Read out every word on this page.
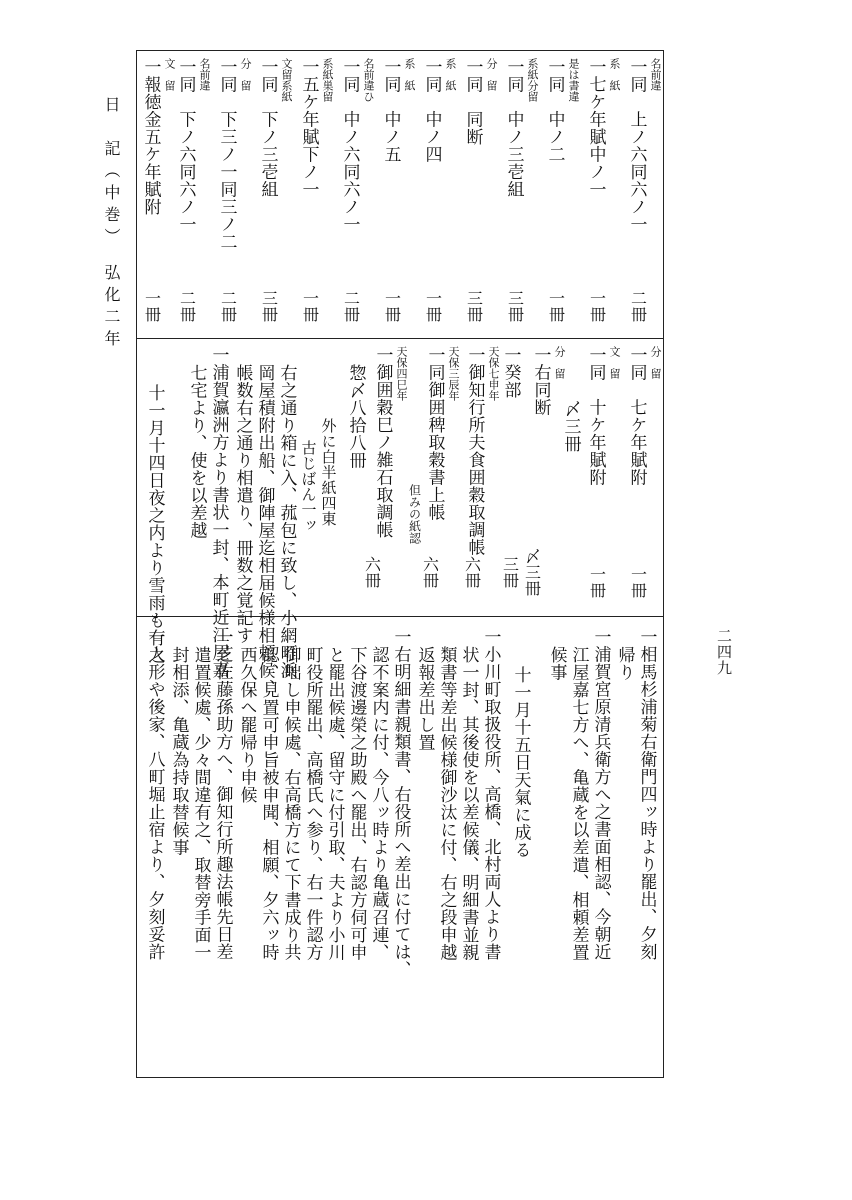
日　記（中巻）　弘化二年
二四九
名前違
一同　上ノ六同六ノ一
二冊
系　紙
一七ケ年賦中ノ一
一冊
是は書違
一同　中ノ二
一冊
系紙分留
一同　中ノ三壱組
三冊
分　留
一同　同断
三冊
系　紙
一同　中ノ四
一冊
系　紙
一同　中ノ五
一冊
名前違ひ
一同　中ノ六同六ノ一
二冊
系紙巣留
一五ケ年賦下ノ一
一冊
文留系紙
一同　下ノ三壱組
三冊
分　留
一同　下三ノ一同三ノ二
二冊
名前違
一同　下ノ六同六ノ一
二冊
文　留
一報徳金五ケ年賦附
一冊
分　留
一同　七ケ年賦附
一冊
文　留
一同　十ケ年賦附
一冊
〆三冊
分　留
一右同断
〆三冊
一癸部
三冊
天保七申年
一御知行所夫食囲穀取調帳
六冊
天保三辰年
一同御囲稗取穀書上帳
但みの紙認
六冊
天保四巳年
一御囲穀巳ノ雑石取調帳
六冊
惣〆八拾八冊
外に白半紙四東
古じばん一ッ
右之通り箱に入、菰包に致し、小網町浜
岡屋積附出船、御陣屋迄相届候様相頼候、
帳数右之通り相遣り、冊数之覚記す
一浦賀瀛洲方より書状一封、本町近江屋嘉
七宅より、使を以差越
十一月十四日夜之内より雪雨も有之
一相馬杉浦菊右衛門四ッ時より罷出、夕刻
帰り
一浦賀宮原清兵衛方へ之書面相認、今朝近
江屋嘉七方へ、亀蔵を以差遣、相頼差置
候事
十一月十五日天氣に成る
一小川町取扱役所、高橋、北村両人より書
状一封、其後使を以差候儀、明細書並親
類書等差出候様御沙汰に付、右之段申越
返報差出し置
一右明細書親類書、右役所へ差出に付ては、
認不案内に付、今八ッ時より亀蔵召連、
下谷渡邊榮之助殿へ罷出、右認方伺可申
と罷出候處、留守に付引取、夫より小川
町役所罷出、高橋氏へ参り、右一件認方
御咄し申候處、右高橋方にて下書成り共
認、見置可申旨被申聞、相願、夕六ッ時
西久保へ罷帰り申候
一芝佐藤孫助方へ、御知行所趣法帳先日差
遣置候處、少々間違有之、取替旁手面一
封相添、亀蔵為持取替候事
一人形や後家、八町堀止宿より、夕刻妥許
